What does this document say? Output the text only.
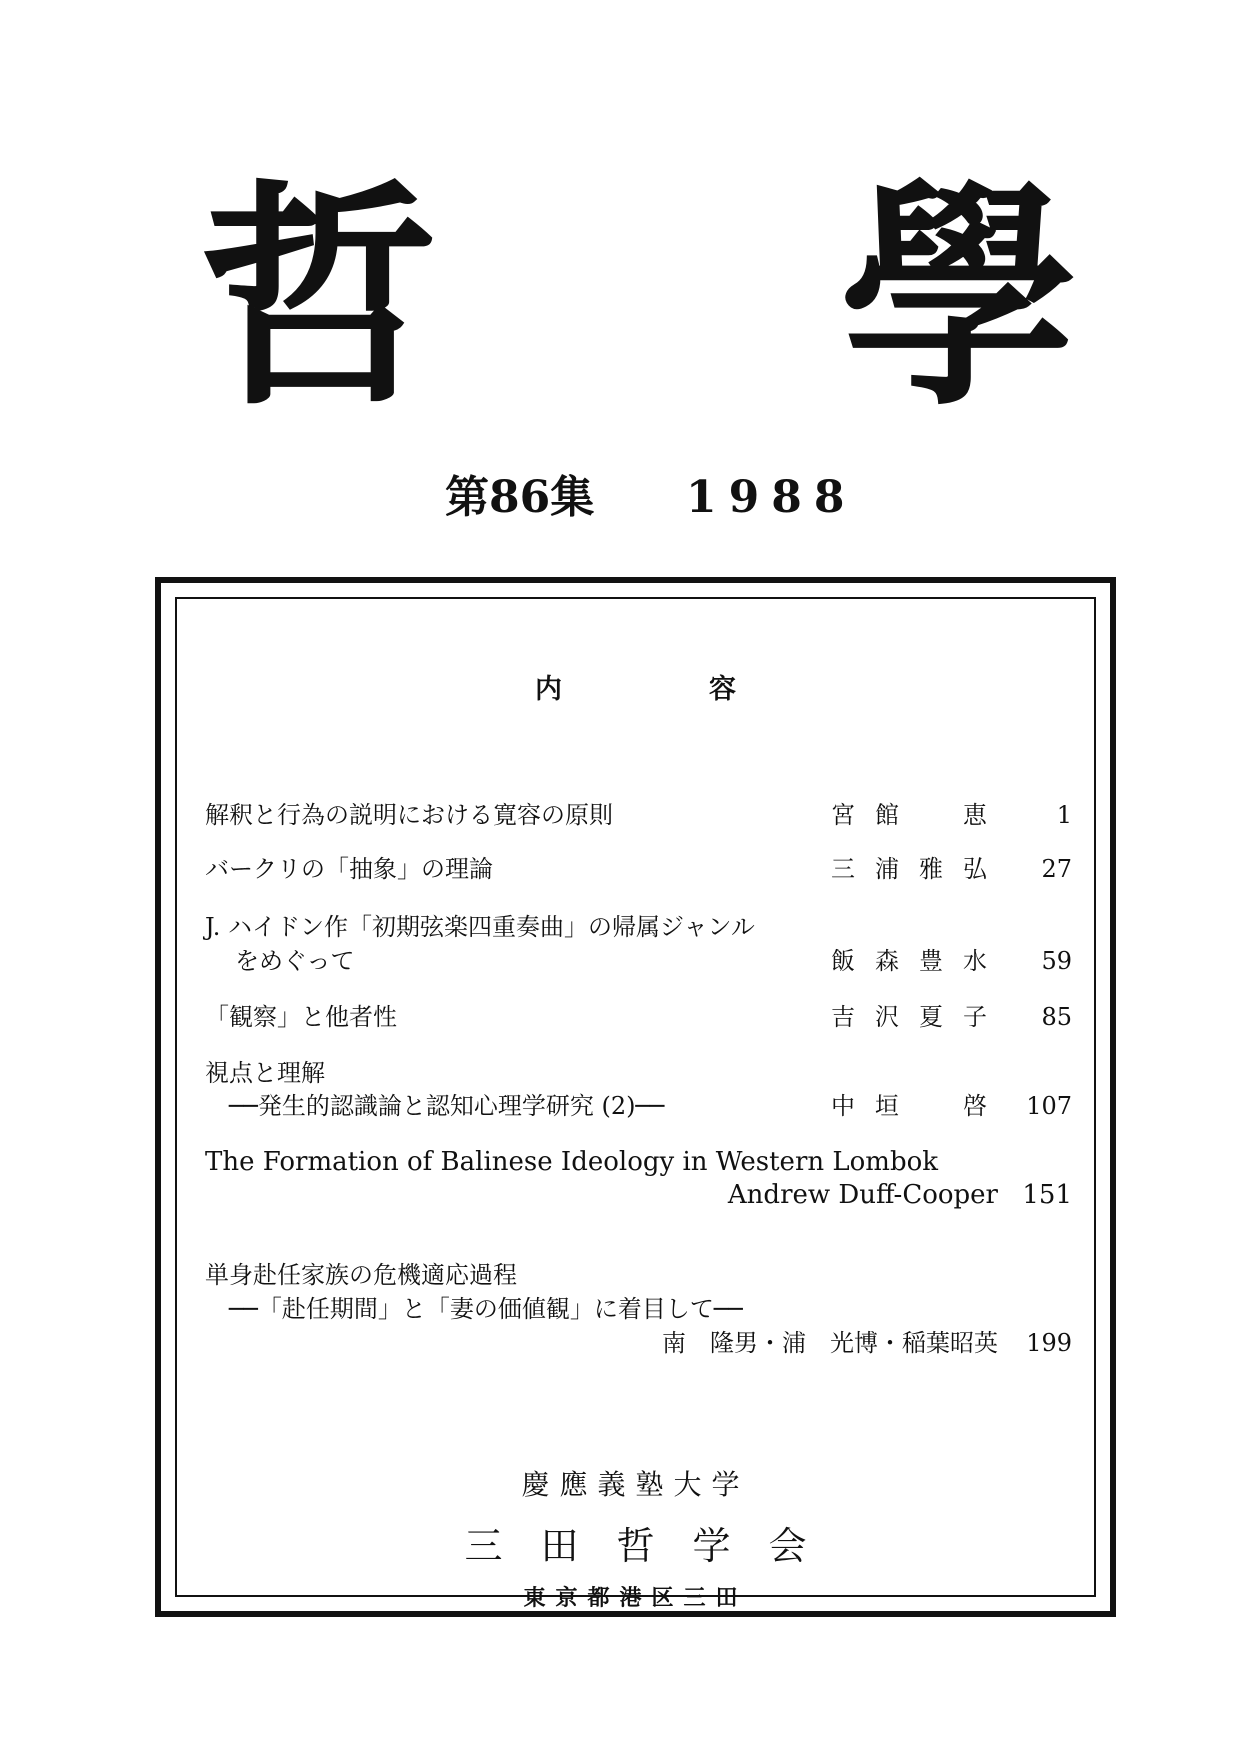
哲 學
第86集 1988
内　容
解釈と行為の説明における寛容の原則	宮館　恵 1
バークリの「抽象」の理論	三浦雅弘 27
J. ハイドン作「初期弦楽四重奏曲」の帰属ジャンル
をめぐって	飯森豊水 59
「観察」と他者性	吉沢夏子 85
視点と理解
──発生的認識論と認知心理学研究 (2)──	中垣　啓 107
The Formation of Balinese Ideology in Western Lombok
Andrew Duff-Cooper 151
単身赴任家族の危機適応過程
──「赴任期間」と「妻の価値観」に着目して──
南　隆男・浦　光博・稲葉昭英 199
慶應義塾大学
三田哲学会
東京都港区三田
